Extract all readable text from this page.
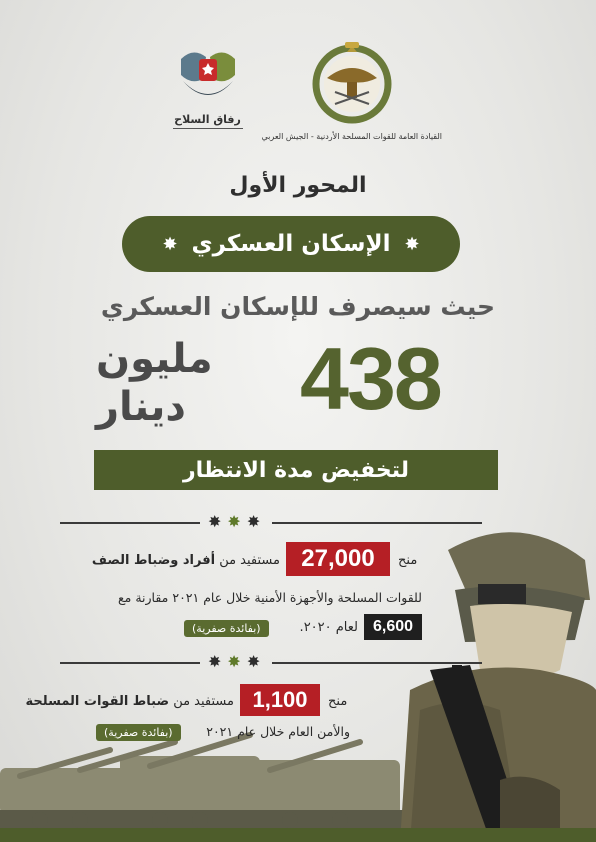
رفاق السلاح
القيادة العامة للقوات المسلحة الأردنية - الجيش العربي
المحور الأول
✸
الإسكان العسكري
✸
حيث سيصرف للإسكان العسكري
438
مليون
دينار
لتخفيض مدة الانتظار
✸ ✸ ✸
منح
27,000
مستفيد من أفراد وضباط الصف
للقوات المسلحة والأجهزة الأمنية خلال عام ٢٠٢١ مقارنة مع
6,600
لعام ٢٠٢٠.
(بفائدة صفرية)
✸ ✸ ✸
منح
1,100
مستفيد من ضباط القوات المسلحة
والأمن العام خلال عام ٢٠٢١
(بفائدة صفرية)
